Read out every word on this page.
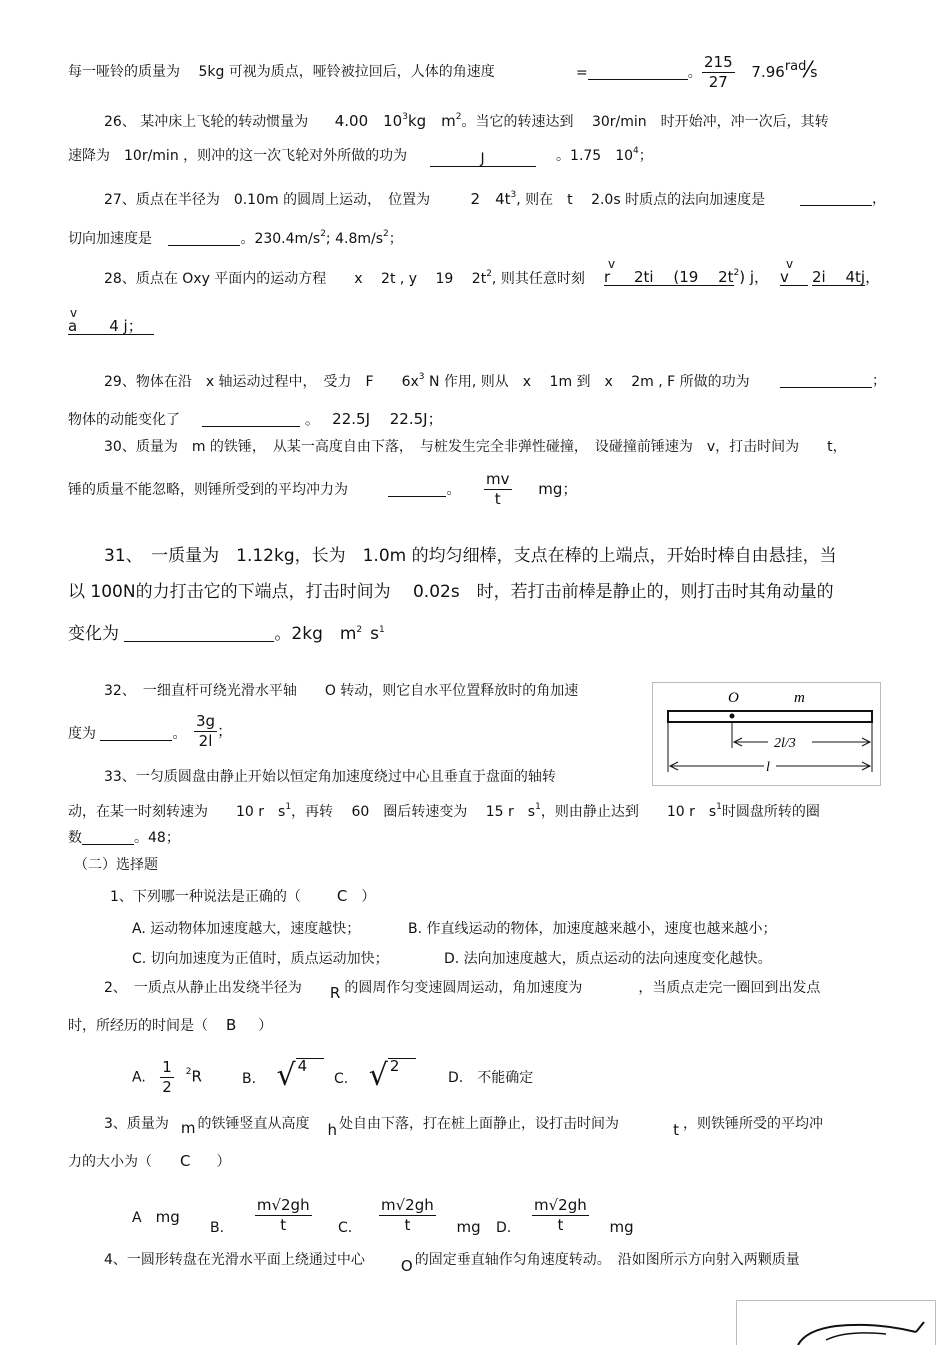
每一哑铃的质量为　 5kg 可视为质点，哑铃被拉回后，人体的角速度	=	。 $\frac{215}{27}$ $7.96^{rad}⁄s$
26、 某冲床上飞轮的转动惯量为 4.00　$10^3kg$　$m^2$。当它的转速达到　 30r/min　时开始冲，冲一次后，其转
速降为　10r/min ，则冲的这一次飞轮对外所做的功为	J	。1.75　$10^4$；
27、质点在半径为　0.10m 的圆周上运动，　位置为	2　$4t^3$, 则在　t　 2.0s 时质点的法向加速度是	，
切向加速度是	。$230.4m/s^2$; $4.8m/s^2$；
28、质点在 Oxy 平面内的运动方程　　x　 2t , y　 19　 $2t^2$, 则其任意时刻
v
r 2ti　 (19　 $2t^2$) j，
v
v 2i　 4tj，
v
a 4 j；
29、物体在沿　x 轴运动过程中，　受力　F　　$6x^3$ N 作用, 则从　x　 1m 到　x　 2m , F 所做的功为	；
物体的动能变化了	。　 22.5J　 22.5J；
30、质量为　m 的铁锤，　从某一高度自由下落，　与桩发生完全非弹性碰撞，　设碰撞前锤速为　v，打击时间为　　t，
锤的质量不能忽略，则锤所受到的平均冲力为	。 $\frac{mv}{t}$ mg；
31、　一质量为　1.12kg，长为　1.0m 的均匀细棒，支点在棒的上端点，开始时棒自由悬挂，当
以 100N的力打击它的下端点，打击时间为　 0.02s　时，若打击前棒是静止的，则打击时其角动量的
变化为	。2kg　$m^2$ $s^1$
32、　一细直杆可绕光滑水平轴　　O 转动，则它自水平位置释放时的角加速
度为	。 $\frac{3g}{2l}$ ；
O	m
2l/3
l
33、一匀质圆盘由静止开始以恒定角加速度绕过中心且垂直于盘面的轴转
动，在某一时刻转速为　　10 r　$s^1$，再转　 60　圈后转速变为　 15 r　$s^1$，则由静止达到　　10 r　$s^1$时圆盘所转的圈
数	。48；
（二）选择题
1、下列哪一种说法是正确的（ C ）
A. 运动物体加速度越大，速度越快；	B. 作直线运动的物体，加速度越来越小，速度也越来越小；
C. 切向加速度为正值时，质点运动加快；	D. 法向加速度越大，质点运动的法向速度变化越快。
2、　一质点从静止出发绕半径为 R 的圆周作匀变速圆周运动，角加速度为　　　　，当质点走完一圈回到出发点
时，所经历的时间是（ B ）
A. $\frac{1}{2} ^2R$	B. √ 4
C. √ 2
D.　不能确定
3、质量为 m 的铁锤竖直从高度 h 处自由下落，打在桩上面静止，设打击时间为	t ，则铁锤所受的平均冲
力的大小为（ C ）
A mg
B. $\frac{m√2gh}{t} C$. $\frac{m√2gh}{t}$ mg D. $\frac{m√2gh}{t}$ mg
4、一圆形转盘在光滑水平面上绕通过中心 O 的固定垂直轴作匀角速度转动。　沿如图所示方向射入两颗质量
